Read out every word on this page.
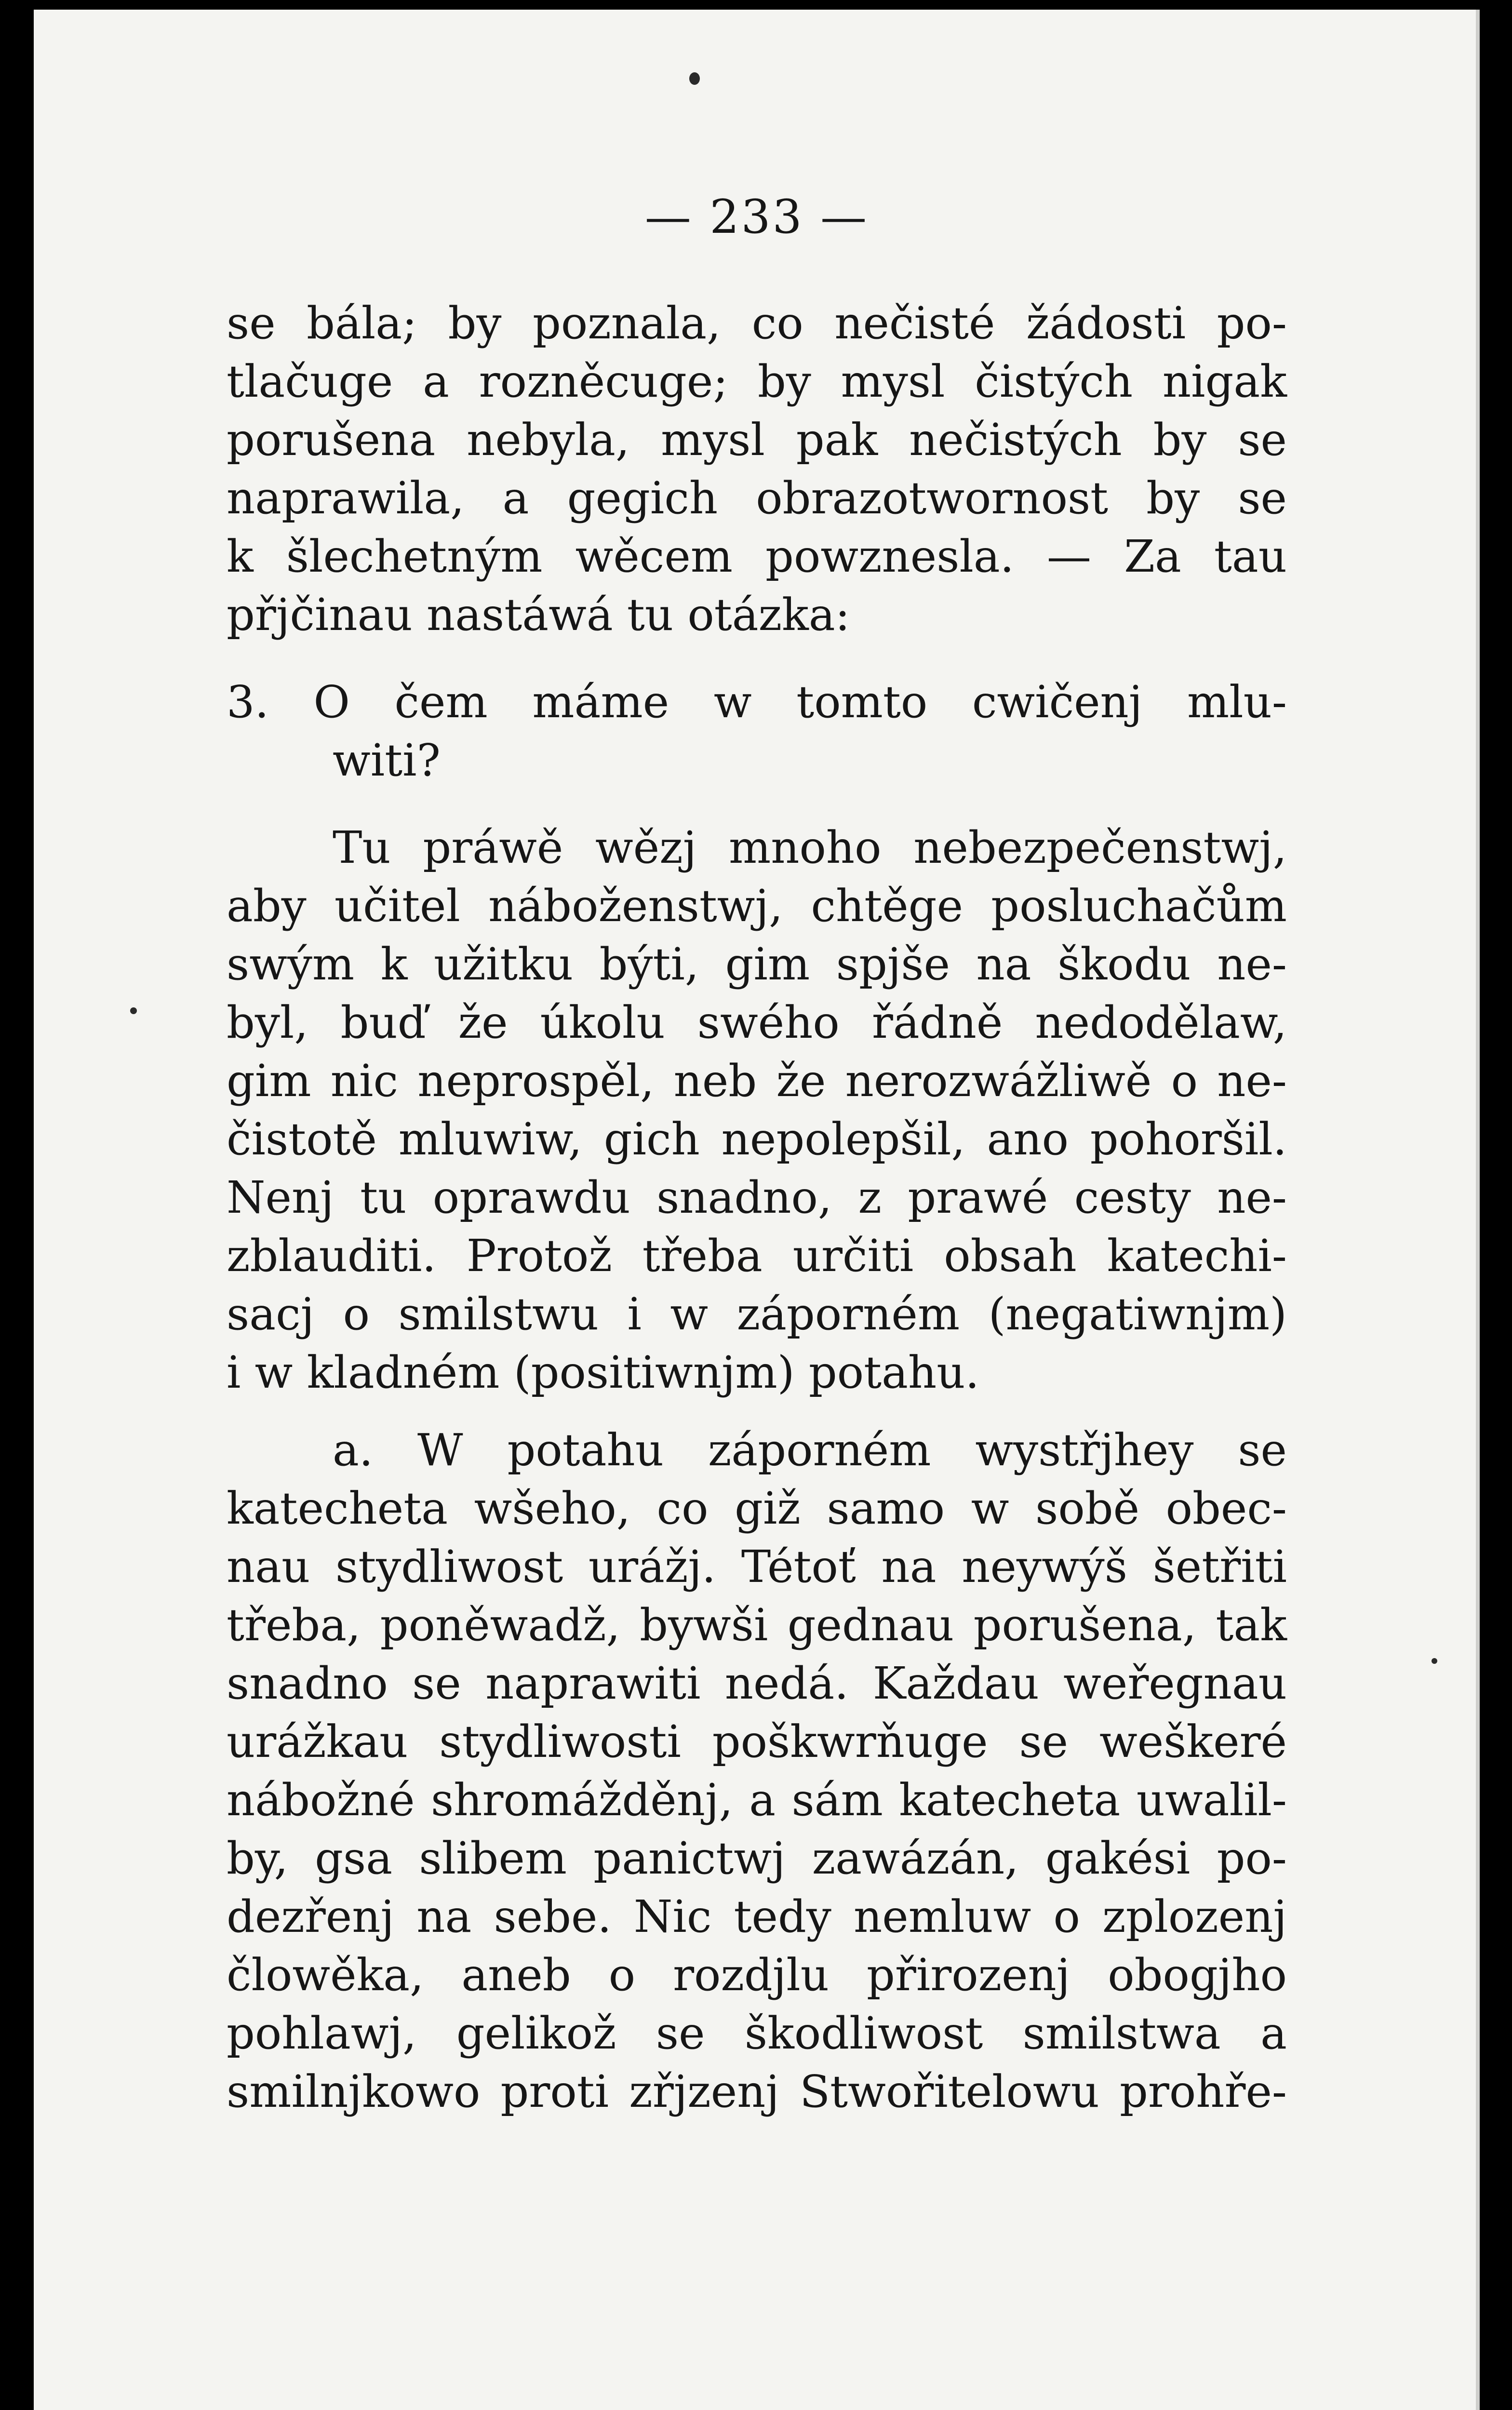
— 233 —
se bála; by poznala, co nečisté žádosti po-
tlačuge a rozněcuge; by mysl čistých nigak
porušena nebyla, mysl pak nečistých by se
naprawila, a gegich obrazotwornost by se
k šlechetným wěcem powznesla. — Za tau
přjčinau nastáwá tu otázka:
3. O čem máme w tomto cwičenj mlu-
witi?
Tu práwě wězj mnoho nebezpečenstwj,
aby učitel náboženstwj, chtěge posluchačům
swým k užitku býti, gim spjše na škodu ne-
byl, buď že úkolu swého řádně nedodělaw,
gim nic neprospěl, neb že nerozwážliwě o ne-
čistotě mluwiw, gich nepolepšil, ano pohoršil.
Nenj tu oprawdu snadno, z prawé cesty ne-
zblauditi. Protož třeba určiti obsah katechi-
sacj o smilstwu i w záporném (negatiwnjm)
i w kladném (positiwnjm) potahu.
a. W potahu záporném wystřjhey se
katecheta wšeho, co giž samo w sobě obec-
nau stydliwost urážj. Tétoť na neywýš šetřiti
třeba, poněwadž, bywši gednau porušena, tak
snadno se naprawiti nedá. Každau weřegnau
urážkau stydliwosti poškwrňuge se weškeré
nábožné shromážděnj, a sám katecheta uwalil-
by, gsa slibem panictwj zawázán, gakési po-
dezřenj na sebe. Nic tedy nemluw o zplozenj
člowěka, aneb o rozdjlu přirozenj obogjho
pohlawj, gelikož se škodliwost smilstwa a
smilnjkowo proti zřjzenj Stwořitelowu prohře-
